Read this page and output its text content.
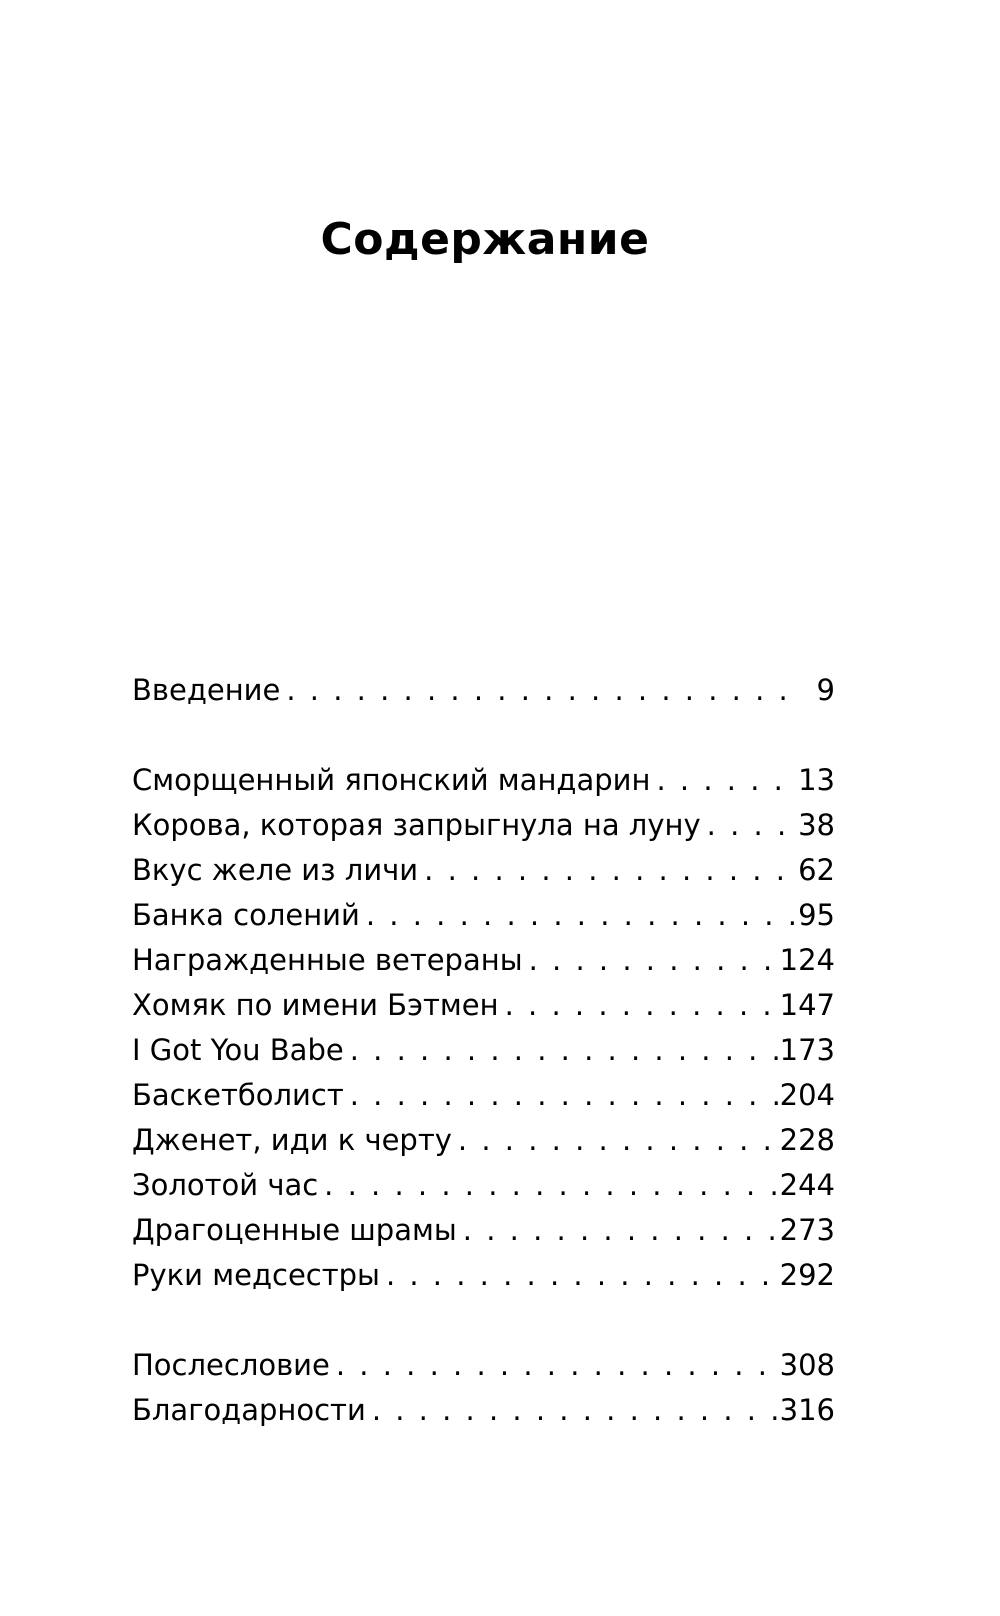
Содержание
Введение . . .	9
Сморщенный японский мандарин . . .	13
Корова, которая запрыгнула на луну . . .	38
Вкус желе из личи . . .	62
Банка солений . . .	95
Награжденные ветераны . . .	124
Хомяк по имени Бэтмен . . .	147
I Got You Babe . . .	173
Баскетболист . . .	204
Дженет, иди к черту . . .	228
Золотой час . . .	244
Драгоценные шрамы . . .	273
Руки медсестры . . .	292
Послесловие . . .	308
Благодарности . . .	316
